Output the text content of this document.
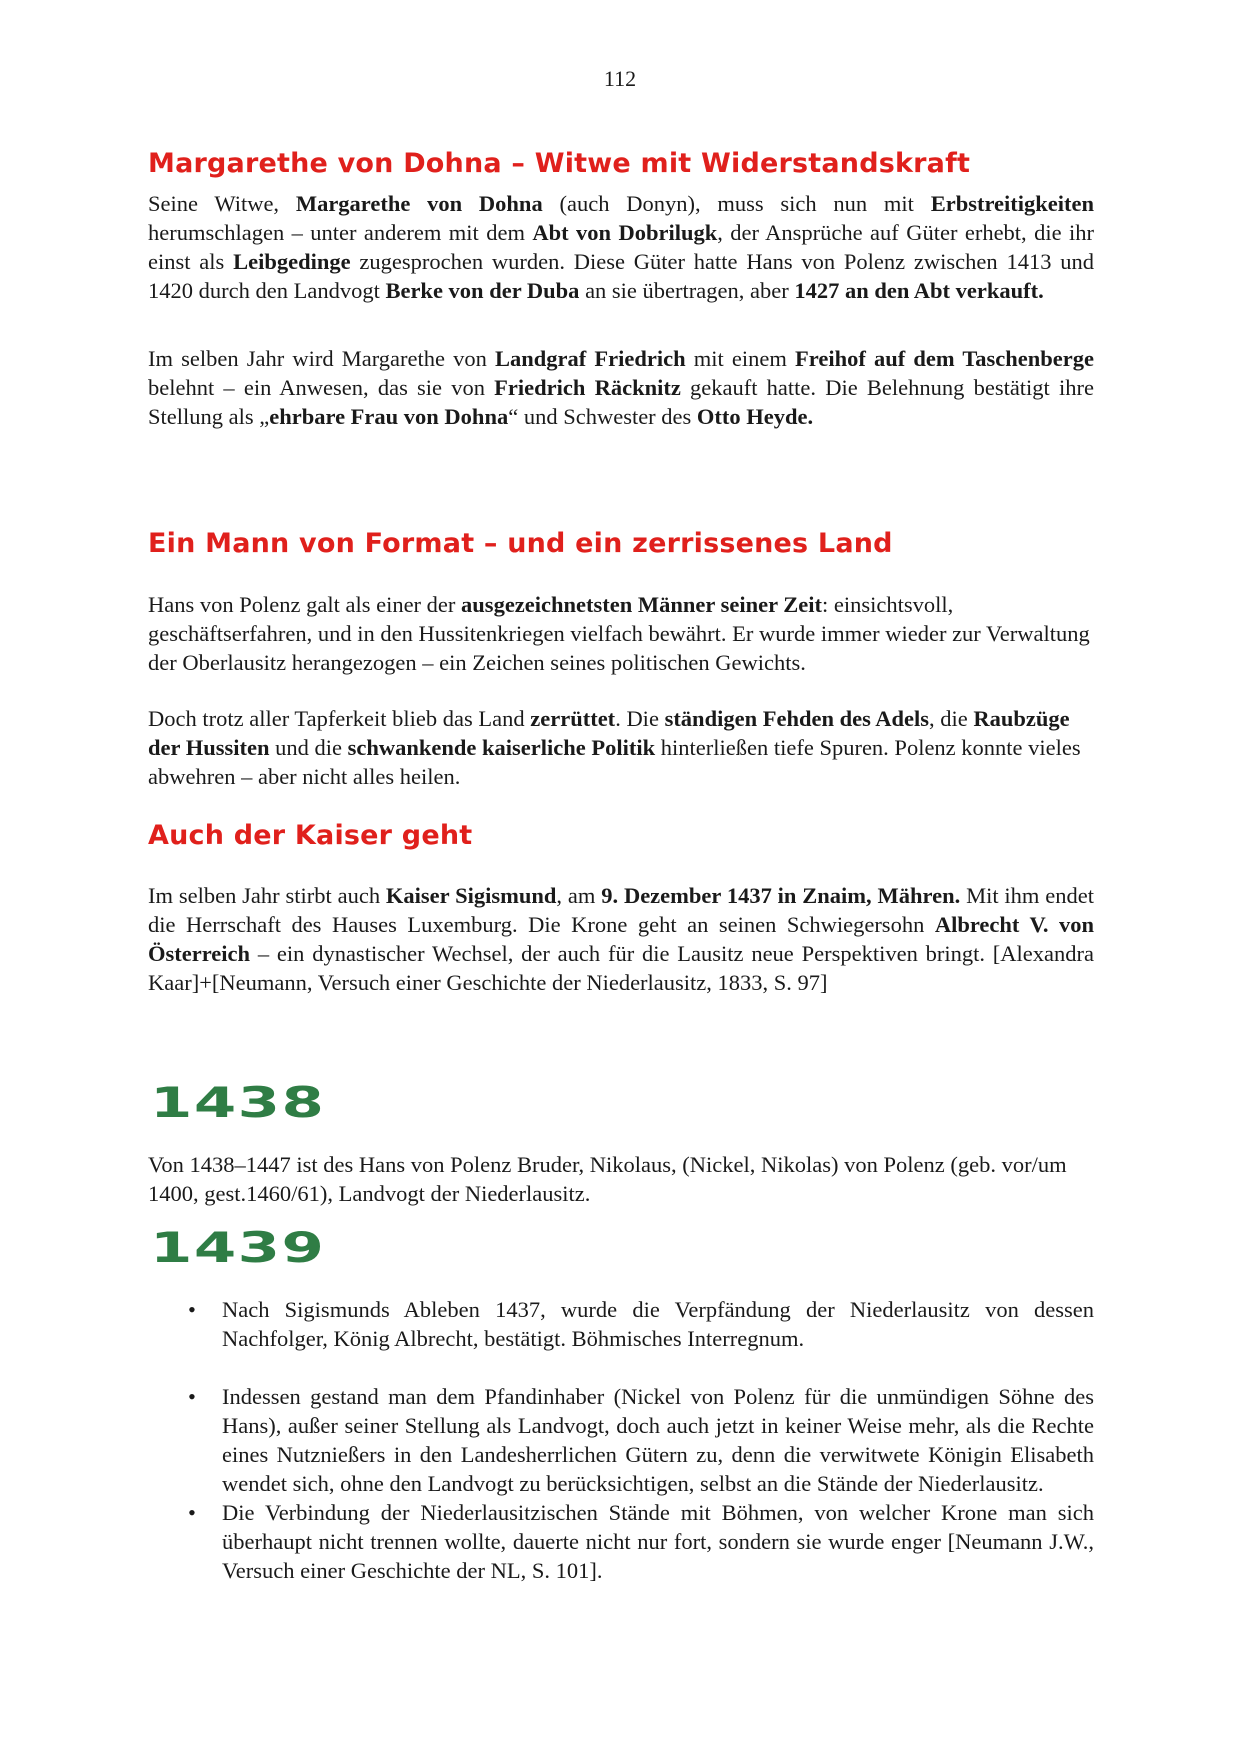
112
Margarethe von Dohna – Witwe mit Widerstandskraft
Seine Witwe, Margarethe von Dohna (auch Donyn), muss sich nun mit Erbstreitigkeiten herumschlagen – unter anderem mit dem Abt von Dobrilugk, der Ansprüche auf Güter erhebt, die ihr einst als Leibgedinge zugesprochen wurden. Diese Güter hatte Hans von Polenz zwischen 1413 und 1420 durch den Landvogt Berke von der Duba an sie übertragen, aber 1427 an den Abt verkauft.
Im selben Jahr wird Margarethe von Landgraf Friedrich mit einem Freihof auf dem Taschenberge belehnt – ein Anwesen, das sie von Friedrich Räcknitz gekauft hatte. Die Belehnung bestätigt ihre Stellung als „ehrbare Frau von Dohna“ und Schwester des Otto Heyde.
Ein Mann von Format – und ein zerrissenes Land
Hans von Polenz galt als einer der ausgezeichnetsten Männer seiner Zeit: einsichtsvoll, geschäftserfahren, und in den Hussitenkriegen vielfach bewährt. Er wurde immer wieder zur Verwaltung der Oberlausitz herangezogen – ein Zeichen seines politischen Gewichts.
Doch trotz aller Tapferkeit blieb das Land zerrüttet. Die ständigen Fehden des Adels, die Raubzüge der Hussiten und die schwankende kaiserliche Politik hinterließen tiefe Spuren. Polenz konnte vieles abwehren – aber nicht alles heilen.
Auch der Kaiser geht
Im selben Jahr stirbt auch Kaiser Sigismund, am 9. Dezember 1437 in Znaim, Mähren. Mit ihm endet die Herrschaft des Hauses Luxemburg. Die Krone geht an seinen Schwiegersohn Albrecht V. von Österreich – ein dynastischer Wechsel, der auch für die Lausitz neue Perspektiven bringt. [Alexandra Kaar]+[Neumann, Versuch einer Geschichte der Niederlausitz, 1833, S. 97]
1438
Von 1438–1447 ist des Hans von Polenz Bruder, Nikolaus, (Nickel, Nikolas) von Polenz (geb. vor/um 1400, gest.1460/61), Landvogt der Niederlausitz.
1439
• Nach Sigismunds Ableben 1437, wurde die Verpfändung der Niederlausitz von dessen Nachfolger, König Albrecht, bestätigt. Böhmisches Interregnum.
• Indessen gestand man dem Pfandinhaber (Nickel von Polenz für die unmündigen Söhne des Hans), außer seiner Stellung als Landvogt, doch auch jetzt in keiner Weise mehr, als die Rechte eines Nutznießers in den Landesherrlichen Gütern zu, denn die verwitwete Königin Elisabeth wendet sich, ohne den Landvogt zu berücksichtigen, selbst an die Stände der Niederlausitz.
• Die Verbindung der Niederlausitzischen Stände mit Böhmen, von welcher Krone man sich überhaupt nicht trennen wollte, dauerte nicht nur fort, sondern sie wurde enger [Neumann J.W., Versuch einer Geschichte der NL, S. 101].
